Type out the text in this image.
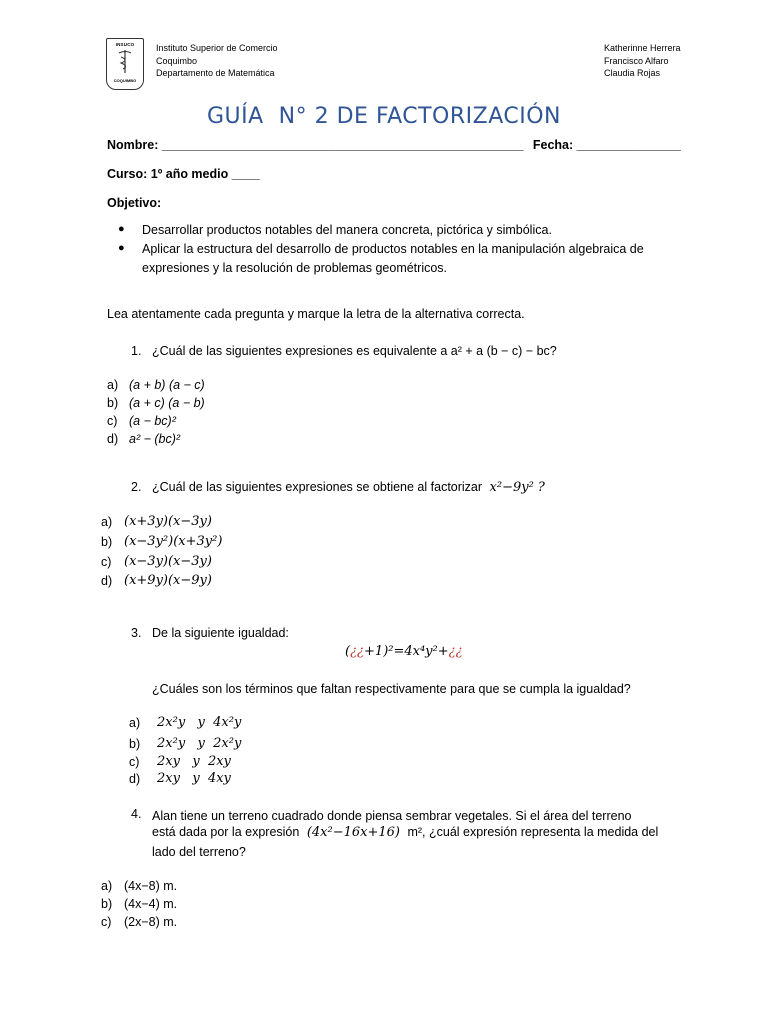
INSUCO
COQUIMBO
Instituto Superior de Comercio
Coquimbo
Departamento de Matemática
Katherinne Herrera
Francisco Alfaro
Claudia Rojas
GUÍA  N° 2 DE FACTORIZACIÓN
Nombre: ____________________________________________________ Fecha: _______________
Curso: 1º año medio ____
Objetivo:
● Desarrollar productos notables del manera concreta, pictórica y simbólica.
● Aplicar la estructura del desarrollo de productos notables en la manipulación algebraica de
expresiones y la resolución de problemas geométricos.
Lea atentamente cada pregunta y marque la letra de la alternativa correcta.
1. ¿Cuál de las siguientes expresiones es equivalente a a² + a (b − c) − bc?
a) (a + b) (a − c)
b) (a + c) (a − b)
c) (a − bc)²
d) a² − (bc)²
2. ¿Cuál de las siguientes expresiones se obtiene al factorizar x²−9y² ?
a) (x+3y)(x−3y)
b) (x−3y²)(x+3y²)
c) (x−3y)(x−3y)
d) (x+9y)(x−9y)
3. De la siguiente igualdad:
(¿¿+1)²=4x⁴y²+¿¿
¿Cuáles son los términos que faltan respectivamente para que se cumpla la igualdad?
a) 2x²y   y  4x²y
b) 2x²y   y  2x²y
c) 2xy   y  2xy
d) 2xy   y  4xy
4. Alan tiene un terreno cuadrado donde piensa sembrar vegetales. Si el área del terreno
está dada por la expresión (4x²−16x+16) m², ¿cuál expresión representa la medida del
lado del terreno?
a) (4x−8) m.
b) (4x−4) m.
c) (2x−8) m.
